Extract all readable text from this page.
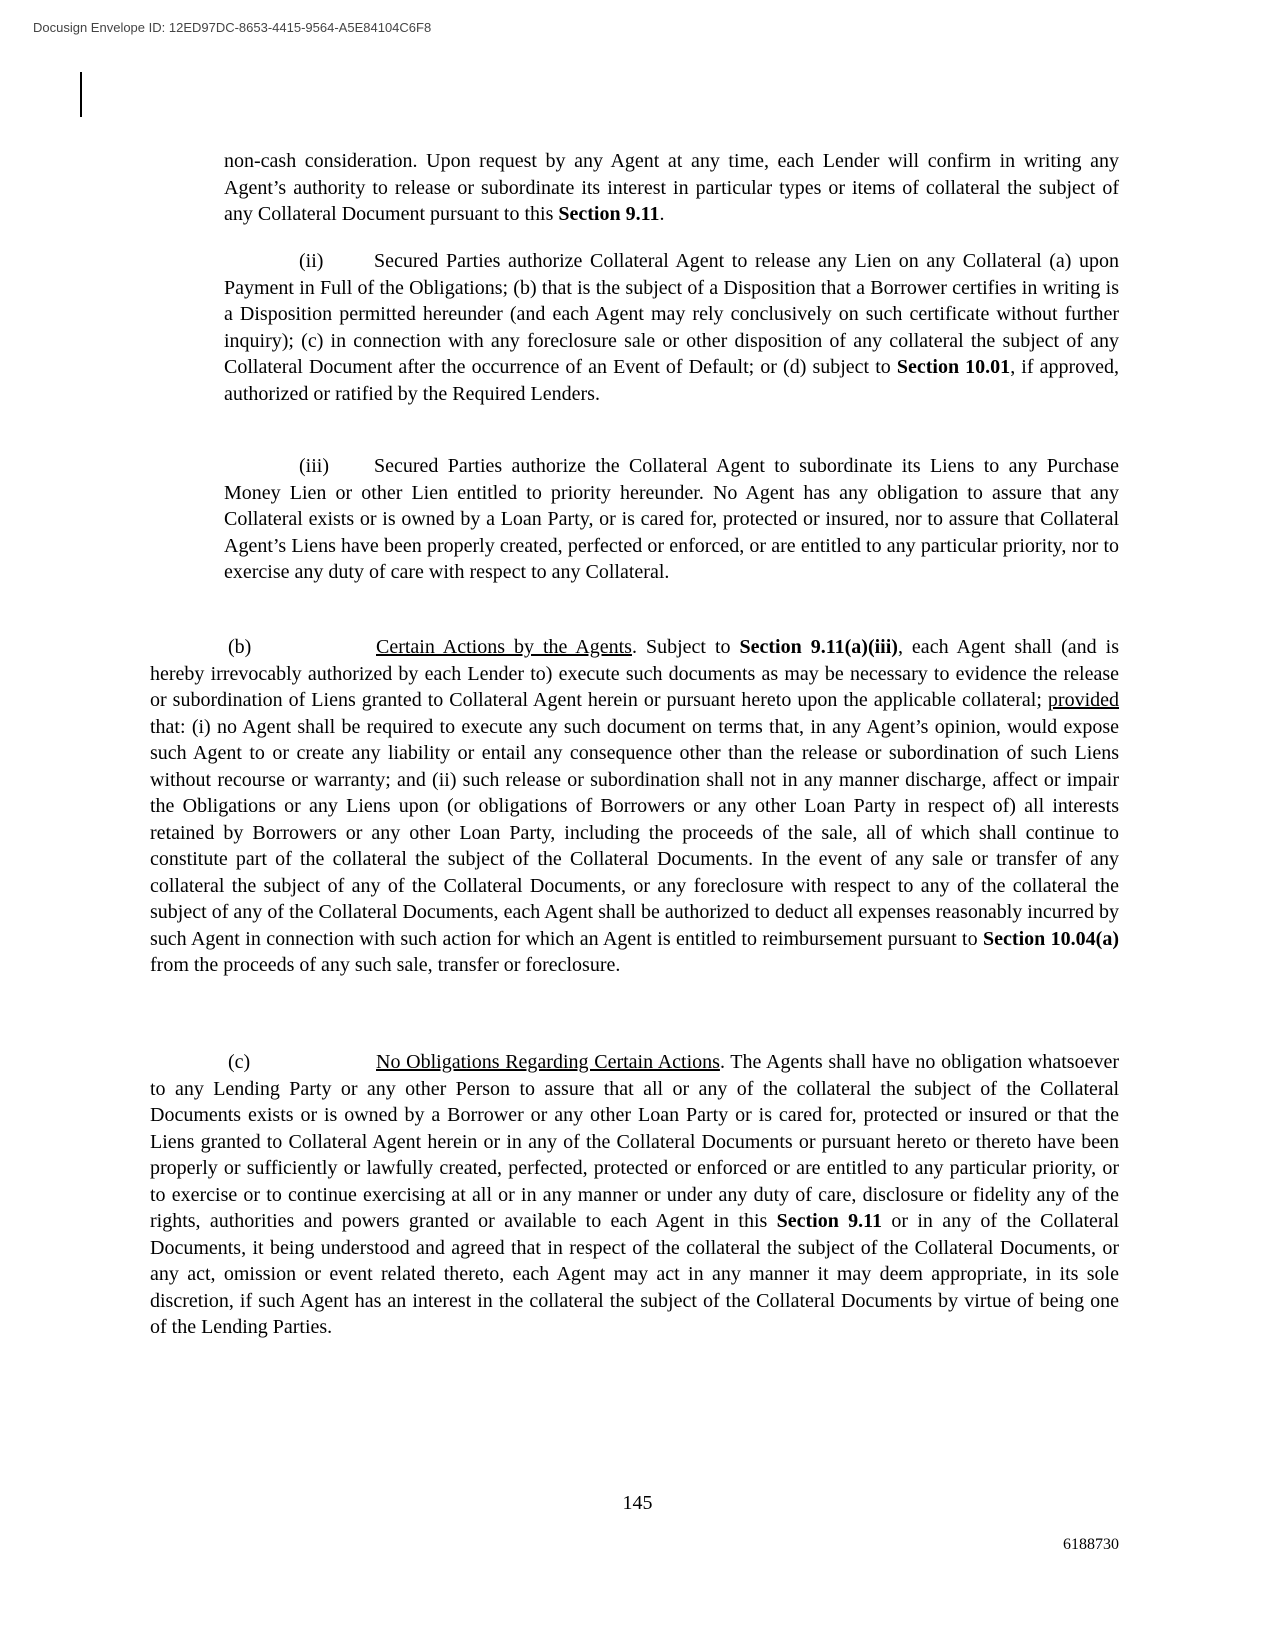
Docusign Envelope ID: 12ED97DC-8653-4415-9564-A5E84104C6F8

non-cash consideration. Upon request by any Agent at any time, each Lender will confirm in writing any Agent’s authority to release or subordinate its interest in particular types or items of collateral the subject of any Collateral Document pursuant to this Section 9.11.

(ii)	Secured Parties authorize Collateral Agent to release any Lien on any Collateral (a) upon Payment in Full of the Obligations; (b) that is the subject of a Disposition that a Borrower certifies in writing is a Disposition permitted hereunder (and each Agent may rely conclusively on such certificate without further inquiry); (c) in connection with any foreclosure sale or other disposition of any collateral the subject of any Collateral Document after the occurrence of an Event of Default; or (d) subject to Section 10.01, if approved, authorized or ratified by the Required Lenders.

(iii) Secured Parties authorize the Collateral Agent to subordinate its Liens to any Purchase Money Lien or other Lien entitled to priority hereunder. No Agent has any obligation to assure that any Collateral exists or is owned by a Loan Party, or is cared for, protected or insured, nor to assure that Collateral Agent’s Liens have been properly created, perfected or enforced, or are entitled to any particular priority, nor to exercise any duty of care with respect to any Collateral.

(b)	Certain Actions by the Agents. Subject to Section 9.11(a)(iii), each Agent shall (and is hereby irrevocably authorized by each Lender to) execute such documents as may be necessary to evidence the release or subordination of Liens granted to Collateral Agent herein or pursuant hereto upon the applicable collateral; provided that: (i) no Agent shall be required to execute any such document on terms that, in any Agent’s opinion, would expose such Agent to or create any liability or entail any consequence other than the release or subordination of such Liens without recourse or warranty; and (ii) such release or subordination shall not in any manner discharge, affect or impair the Obligations or any Liens upon (or obligations of Borrowers or any other Loan Party in respect of) all interests retained by Borrowers or any other Loan Party, including the proceeds of the sale, all of which shall continue to constitute part of the collateral the subject of the Collateral Documents. In the event of any sale or transfer of any collateral the subject of any of the Collateral Documents, or any foreclosure with respect to any of the collateral the subject of any of the Collateral Documents, each Agent shall be authorized to deduct all expenses reasonably incurred by such Agent in connection with such action for which an Agent is entitled to reimbursement pursuant to Section 10.04(a) from the proceeds of any such sale, transfer or foreclosure.

(c)	No Obligations Regarding Certain Actions. The Agents shall have no obligation whatsoever to any Lending Party or any other Person to assure that all or any of the collateral the subject of the Collateral Documents exists or is owned by a Borrower or any other Loan Party or is cared for, protected or insured or that the Liens granted to Collateral Agent herein or in any of the Collateral Documents or pursuant hereto or thereto have been properly or sufficiently or lawfully created, perfected, protected or enforced or are entitled to any particular priority, or to exercise or to continue exercising at all or in any manner or under any duty of care, disclosure or fidelity any of the rights, authorities and powers granted or available to each Agent in this Section 9.11 or in any of the Collateral Documents, it being understood and agreed that in respect of the collateral the subject of the Collateral Documents, or any act, omission or event related thereto, each Agent may act in any manner it may deem appropriate, in its sole discretion, if such Agent has an interest in the collateral the subject of the Collateral Documents by virtue of being one of the Lending Parties.

145
6188730
